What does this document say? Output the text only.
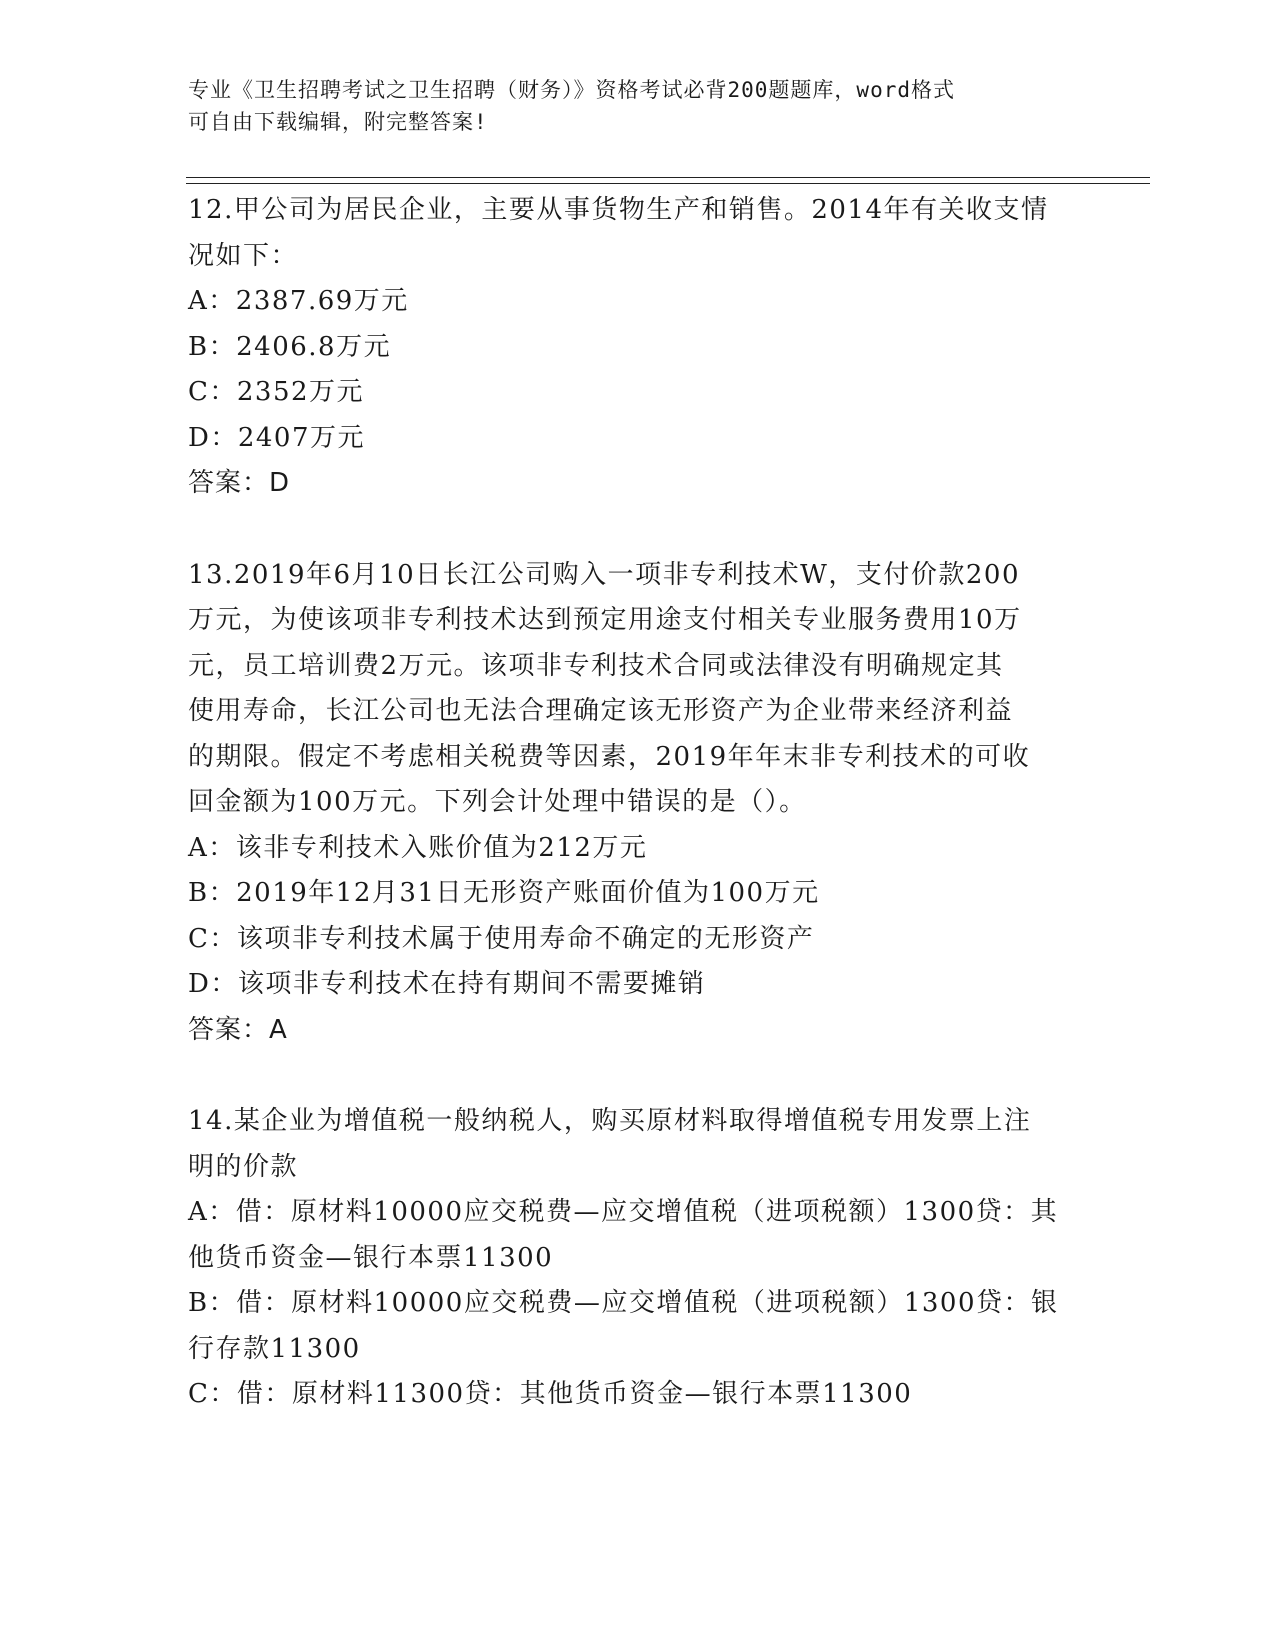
专业《卫生招聘考试之卫生招聘（财务）》资格考试必背200题题库，word格式
可自由下载编辑，附完整答案!
12.甲公司为居民企业，主要从事货物生产和销售。2014年有关收支情
况如下：
A：2387.69万元
B：2406.8万元
C：2352万元
D：2407万元
答案：D
13.2019年6月10日长江公司购入一项非专利技术W，支付价款200
万元，为使该项非专利技术达到预定用途支付相关专业服务费用10万
元，员工培训费2万元。该项非专利技术合同或法律没有明确规定其
使用寿命，长江公司也无法合理确定该无形资产为企业带来经济利益
的期限。假定不考虑相关税费等因素，2019年年末非专利技术的可收
回金额为100万元。下列会计处理中错误的是（）。
A：该非专利技术入账价值为212万元
B：2019年12月31日无形资产账面价值为100万元
C：该项非专利技术属于使用寿命不确定的无形资产
D：该项非专利技术在持有期间不需要摊销
答案：A
14.某企业为增值税一般纳税人，购买原材料取得增值税专用发票上注
明的价款
A：借：原材料10000应交税费—应交增值税（进项税额）1300贷：其
他货币资金—银行本票11300
B：借：原材料10000应交税费—应交增值税（进项税额）1300贷：银
行存款11300
C：借：原材料11300贷：其他货币资金—银行本票11300
